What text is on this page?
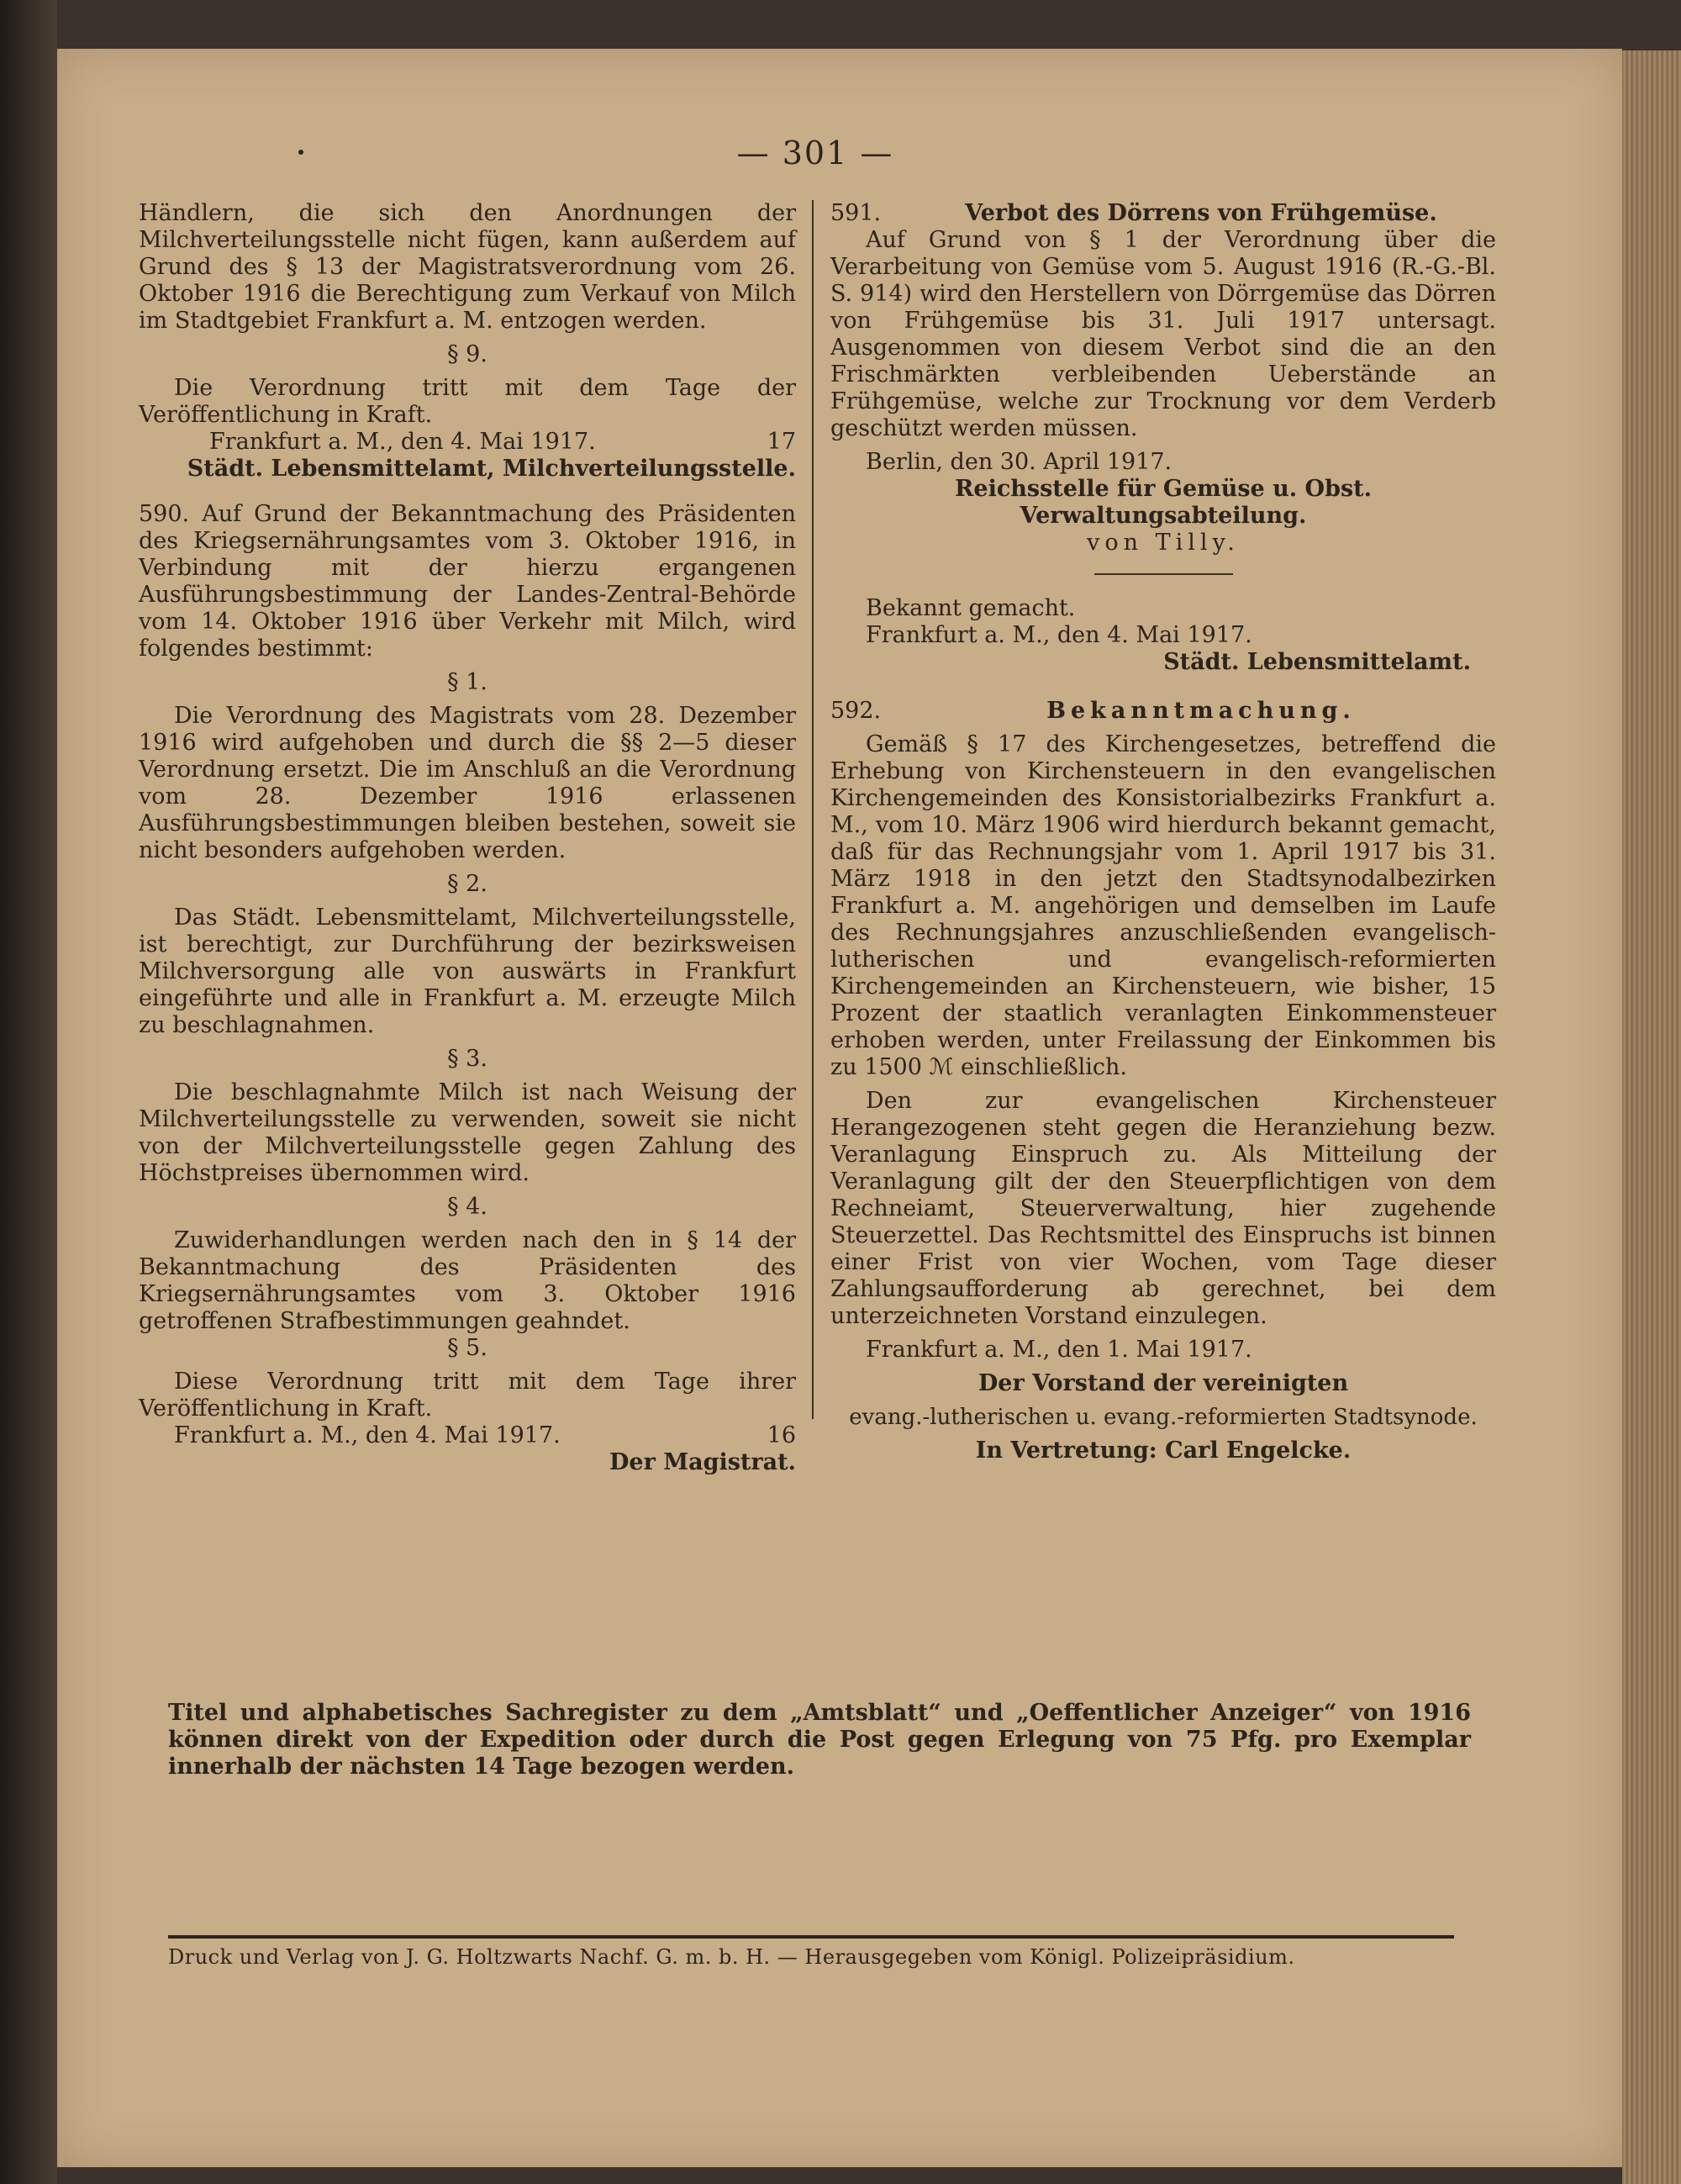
— 301 —

Händlern, die sich den Anordnungen der Milchverteilungsstelle nicht fügen, kann außerdem auf Grund des § 13 der Magistratsverordnung vom 26. Oktober 1916 die Berechtigung zum Verkauf von Milch im Stadtgebiet Frankfurt a. M. entzogen werden.

§ 9.

Die Verordnung tritt mit dem Tage der Veröffentlichung in Kraft.

Frankfurt a. M., den 4. Mai 1917.	17

Städt. Lebensmittelamt, Milchverteilungsstelle.

590. Auf Grund der Bekanntmachung des Präsidenten des Kriegsernährungsamtes vom 3. Oktober 1916, in Verbindung mit der hierzu ergangenen Ausführungsbestimmung der Landes-Zentral-Behörde vom 14. Oktober 1916 über Verkehr mit Milch, wird folgendes bestimmt:

§ 1.

Die Verordnung des Magistrats vom 28. Dezember 1916 wird aufgehoben und durch die §§ 2—5 dieser Verordnung ersetzt. Die im Anschluß an die Verordnung vom 28. Dezember 1916 erlassenen Ausführungsbestimmungen bleiben bestehen, soweit sie nicht besonders aufgehoben werden.

§ 2.

Das Städt. Lebensmittelamt, Milchverteilungsstelle, ist berechtigt, zur Durchführung der bezirksweisen Milchversorgung alle von auswärts in Frankfurt eingeführte und alle in Frankfurt a. M. erzeugte Milch zu beschlagnahmen.

§ 3.

Die beschlagnahmte Milch ist nach Weisung der Milchverteilungsstelle zu verwenden, soweit sie nicht von der Milchverteilungsstelle gegen Zahlung des Höchstpreises übernommen wird.

§ 4.

Zuwiderhandlungen werden nach den in § 14 der Bekanntmachung des Präsidenten des Kriegsernährungsamtes vom 3. Oktober 1916 getroffenen Strafbestimmungen geahndet.

§ 5.

Diese Verordnung tritt mit dem Tage ihrer Veröffentlichung in Kraft.

Frankfurt a. M., den 4. Mai 1917.	16

Der Magistrat.

591.	Verbot des Dörrens von Frühgemüse.

Auf Grund von § 1 der Verordnung über die Verarbeitung von Gemüse vom 5. August 1916 (R.-G.-Bl. S. 914) wird den Herstellern von Dörrgemüse das Dörren von Frühgemüse bis 31. Juli 1917 untersagt. Ausgenommen von diesem Verbot sind die an den Frischmärkten verbleibenden Ueberstände an Frühgemüse, welche zur Trocknung vor dem Verderb geschützt werden müssen.

Berlin, den 30. April 1917.

Reichsstelle für Gemüse u. Obst. Verwaltungsabteilung.

von Tilly.

Bekannt gemacht.

Frankfurt a. M., den 4. Mai 1917.

Städt. Lebensmittelamt.

592.	Bekanntmachung.

Gemäß § 17 des Kirchengesetzes, betreffend die Erhebung von Kirchensteuern in den evangelischen Kirchengemeinden des Konsistorialbezirks Frankfurt a. M., vom 10. März 1906 wird hierdurch bekannt gemacht, daß für das Rechnungsjahr vom 1. April 1917 bis 31. März 1918 in den jetzt den Stadtsynodalbezirken Frankfurt a. M. angehörigen und demselben im Laufe des Rechnungsjahres anzuschließenden evangelisch-lutherischen und evangelisch-reformierten Kirchengemeinden an Kirchensteuern, wie bisher, 15 Prozent der staatlich veranlagten Einkommensteuer erhoben werden, unter Freilassung der Einkommen bis zu 1500 ℳ einschließlich.

Den zur evangelischen Kirchensteuer Herangezogenen steht gegen die Heranziehung bezw. Veranlagung Einspruch zu. Als Mitteilung der Veranlagung gilt der den Steuerpflichtigen von dem Rechneiamt, Steuerverwaltung, hier zugehende Steuerzettel. Das Rechtsmittel des Einspruchs ist binnen einer Frist von vier Wochen, vom Tage dieser Zahlungsaufforderung ab gerechnet, bei dem unterzeichneten Vorstand einzulegen.

Frankfurt a. M., den 1. Mai 1917.

Der Vorstand der vereinigten

evang.-lutherischen u. evang.-reformierten Stadtsynode.

In Vertretung: Carl Engelcke.

Titel und alphabetisches Sachregister zu dem „Amtsblatt“ und „Oeffentlicher Anzeiger“ von 1916 können direkt von der Expedition oder durch die Post gegen Erlegung von 75 Pfg. pro Exemplar innerhalb der nächsten 14 Tage bezogen werden.
Druck und Verlag von J. G. Holtzwarts Nachf. G. m. b. H. — Herausgegeben vom Königl. Polizeipräsidium.
